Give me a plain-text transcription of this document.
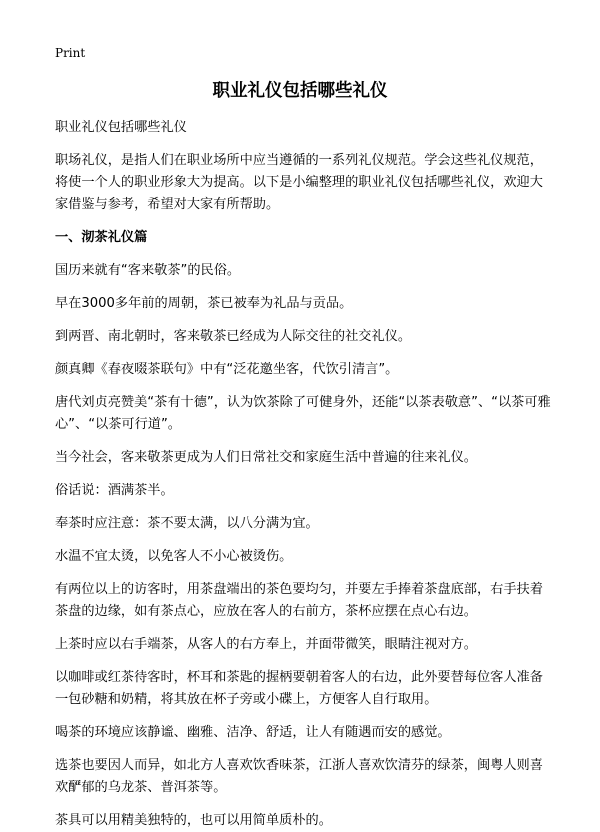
Print
职业礼仪包括哪些礼仪

职业礼仪包括哪些礼仪

职场礼仪，是指人们在职业场所中应当遵循的一系列礼仪规范。学会这些礼仪规范，将使一个人的职业形象大为提高。以下是小编整理的职业礼仪包括哪些礼仪，欢迎大家借鉴与参考，希望对大家有所帮助。

一、沏茶礼仪篇

国历来就有“客来敬茶”的民俗。

早在3000多年前的周朝，茶已被奉为礼品与贡品。

到两晋、南北朝时，客来敬茶已经成为人际交往的社交礼仪。

颜真卿《春夜啜茶联句》中有“泛花邀坐客，代饮引清言”。

唐代刘贞亮赞美“茶有十德”，认为饮茶除了可健身外，还能“以茶表敬意”、“以茶可雅心”、“以茶可行道”。

当今社会，客来敬茶更成为人们日常社交和家庭生活中普遍的往来礼仪。

俗话说：酒满茶半。

奉茶时应注意：茶不要太满，以八分满为宜。

水温不宜太烫，以免客人不小心被烫伤。

有两位以上的访客时，用茶盘端出的茶色要均匀，并要左手捧着茶盘底部，右手扶着茶盘的边缘，如有茶点心，应放在客人的右前方，茶杯应摆在点心右边。

上茶时应以右手端茶，从客人的右方奉上，并面带微笑，眼睛注视对方。

以咖啡或红茶待客时，杯耳和茶匙的握柄要朝着客人的右边，此外要替每位客人准备一包砂糖和奶精，将其放在杯子旁或小碟上，方便客人自行取用。

喝茶的环境应该静谧、幽雅、洁净、舒适，让人有随遇而安的感觉。

选茶也要因人而异，如北方人喜欢饮香味茶，江浙人喜欢饮清芬的绿茶，闽粤人则喜欢酽郁的乌龙茶、普洱茶等。

茶具可以用精美独特的，也可以用简单质朴的。
